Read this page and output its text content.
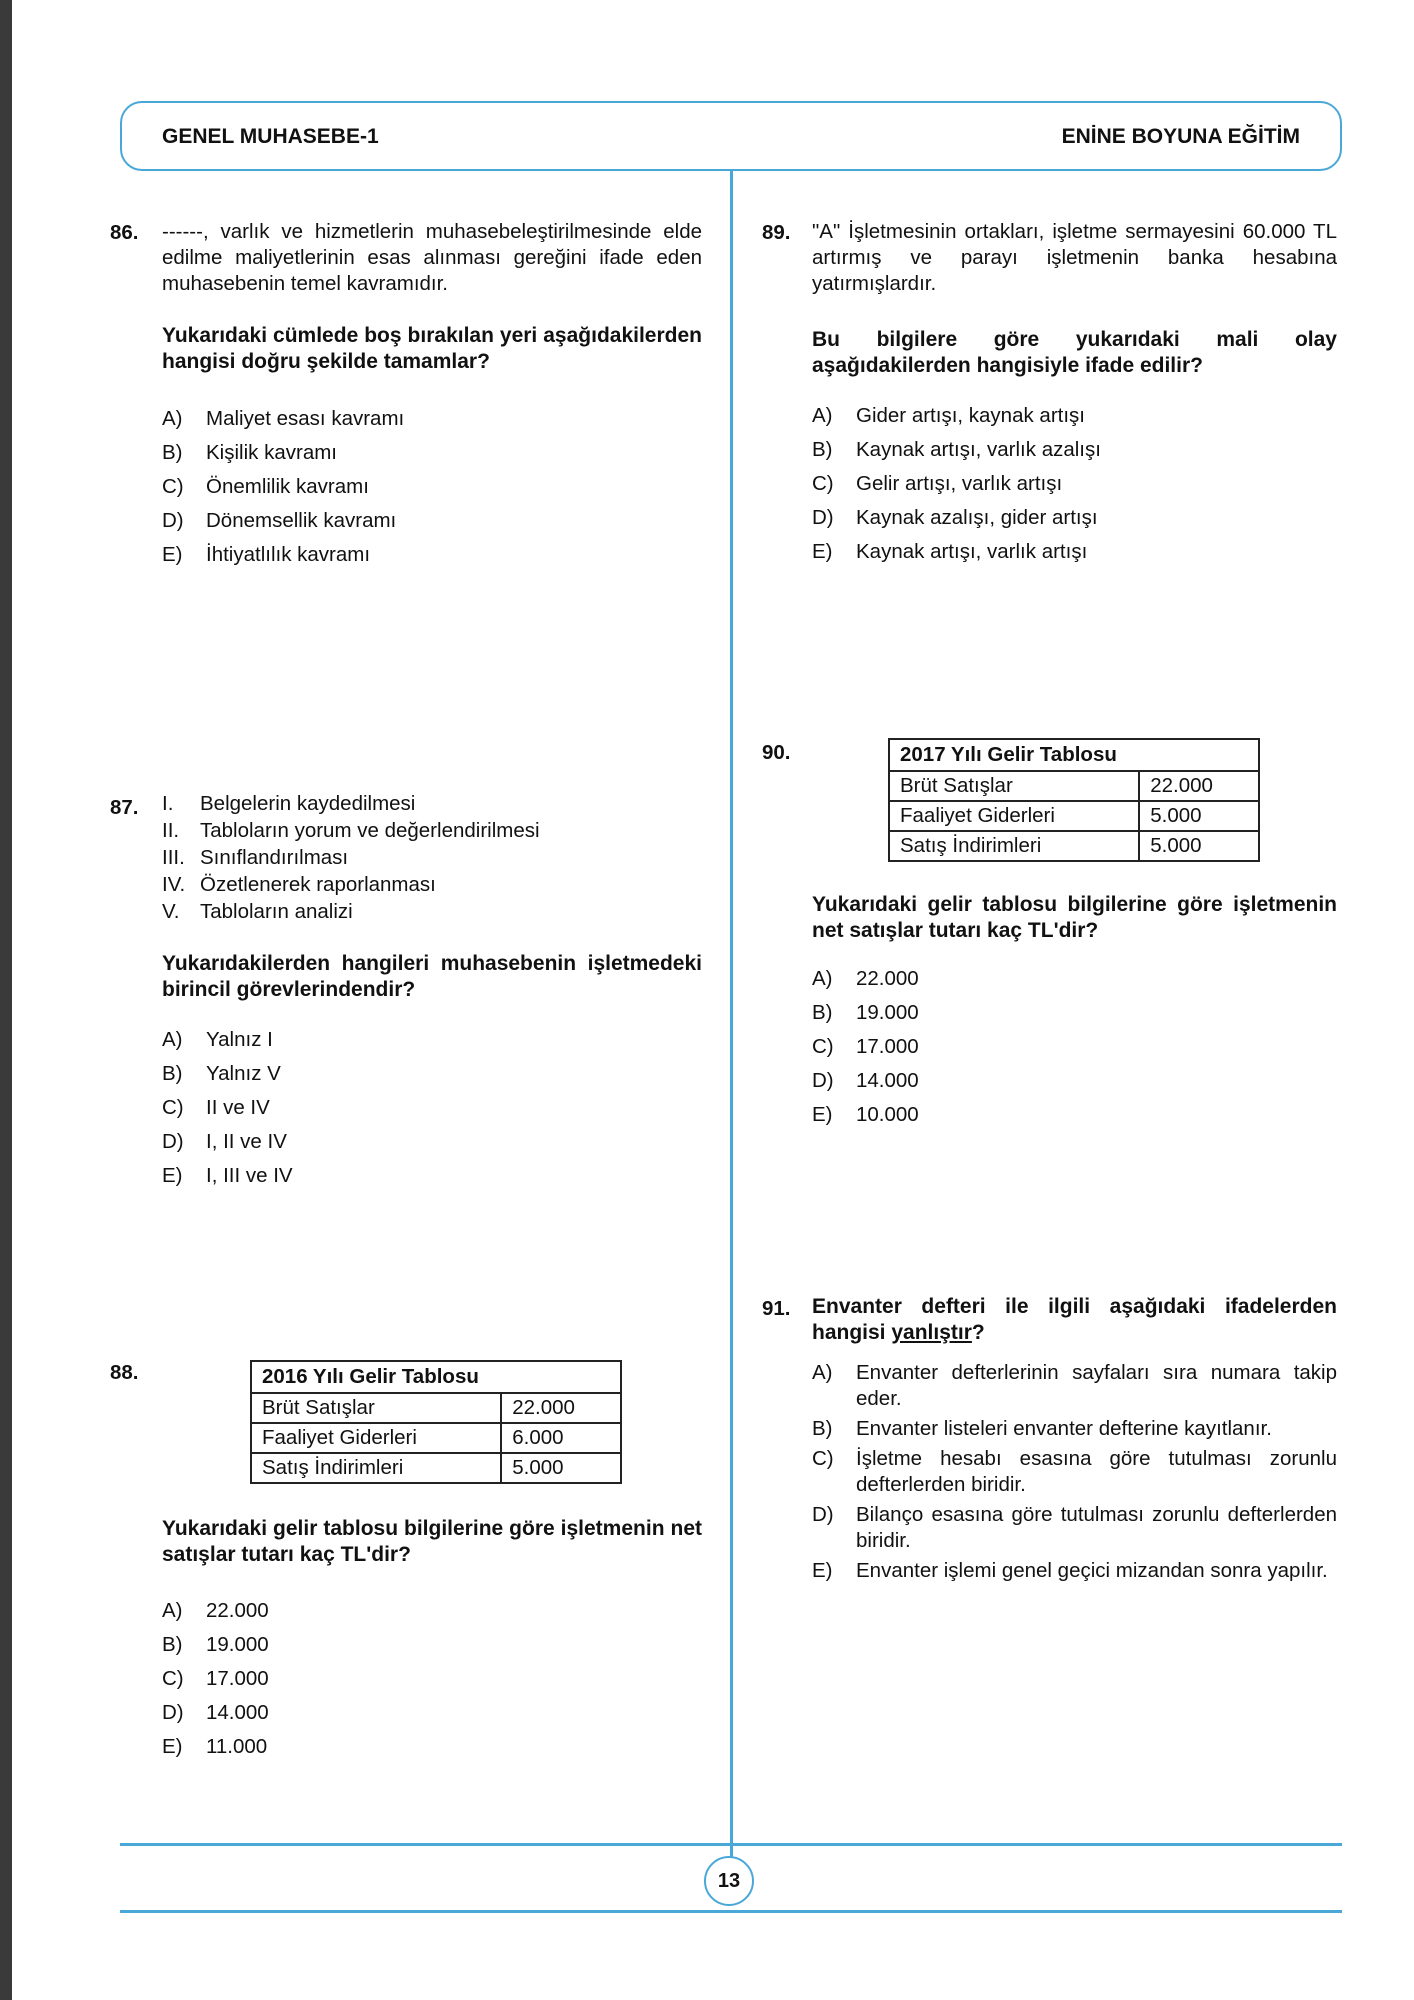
GENEL MUHASEBE-1	ENİNE BOYUNA EĞİTİM
86. ------, varlık ve hizmetlerin muhasebeleştirilmesinde elde edilme maliyetlerinin esas alınması gereğini ifade eden muhasebenin temel kavramıdır.

Yukarıdaki cümlede boş bırakılan yeri aşağıdakilerden hangisi doğru şekilde tamamlar?

A)	Maliyet esası kavramı
B)	Kişilik kavramı
C)	Önemlilik kavramı
D)	Dönemsellik kavramı
E)	İhtiyatlılık kavramı
87. I.	Belgelerin kaydedilmesi
II.	Tabloların yorum ve değerlendirilmesi
III. Sınıflandırılması
IV. Özetlenerek raporlanması
V.	Tabloların analizi

Yukarıdakilerden hangileri muhasebenin işletmedeki birincil görevlerindendir?

A)	Yalnız I
B)	Yalnız V
C)	II ve IV
D)	I, II ve IV
E)	I, III ve IV
88.	2016 Yılı Gelir Tablosu	
Brüt Satışlar	22.000
Faaliyet Giderleri	6.000
Satış İndirimleri	5.000

Yukarıdaki gelir tablosu bilgilerine göre işletmenin net satışlar tutarı kaç TL'dir?

A)	22.000
B)	19.000
C)	17.000
D)	14.000
E)	11.000
89. "A" İşletmesinin ortakları, işletme sermayesini 60.000 TL artırmış ve parayı işletmenin banka hesabına yatırmışlardır.

Bu bilgilere göre yukarıdaki mali olay aşağıdakilerden hangisiyle ifade edilir?

A)	Gider artışı, kaynak artışı
B)	Kaynak artışı, varlık azalışı
C)	Gelir artışı, varlık artışı
D)	Kaynak azalışı, gider artışı
E)	Kaynak artışı, varlık artışı
90.	2017 Yılı Gelir Tablosu	
Brüt Satışlar	22.000
Faaliyet Giderleri	5.000
Satış İndirimleri	5.000

Yukarıdaki gelir tablosu bilgilerine göre işletmenin net satışlar tutarı kaç TL'dir?

A)	22.000
B)	19.000
C)	17.000
D)	14.000
E)	10.000
91. Envanter defteri ile ilgili aşağıdaki ifadelerden hangisi yanlıştır?

A)	Envanter defterlerinin sayfaları sıra numara takip eder.
B)	Envanter listeleri envanter defterine kayıtlanır.
C)	İşletme hesabı esasına göre tutulması zorunlu defterlerden biridir.
D)	Bilanço esasına göre tutulması zorunlu defterlerden biridir.
E)	Envanter işlemi genel geçici mizandan sonra yapılır.
13
